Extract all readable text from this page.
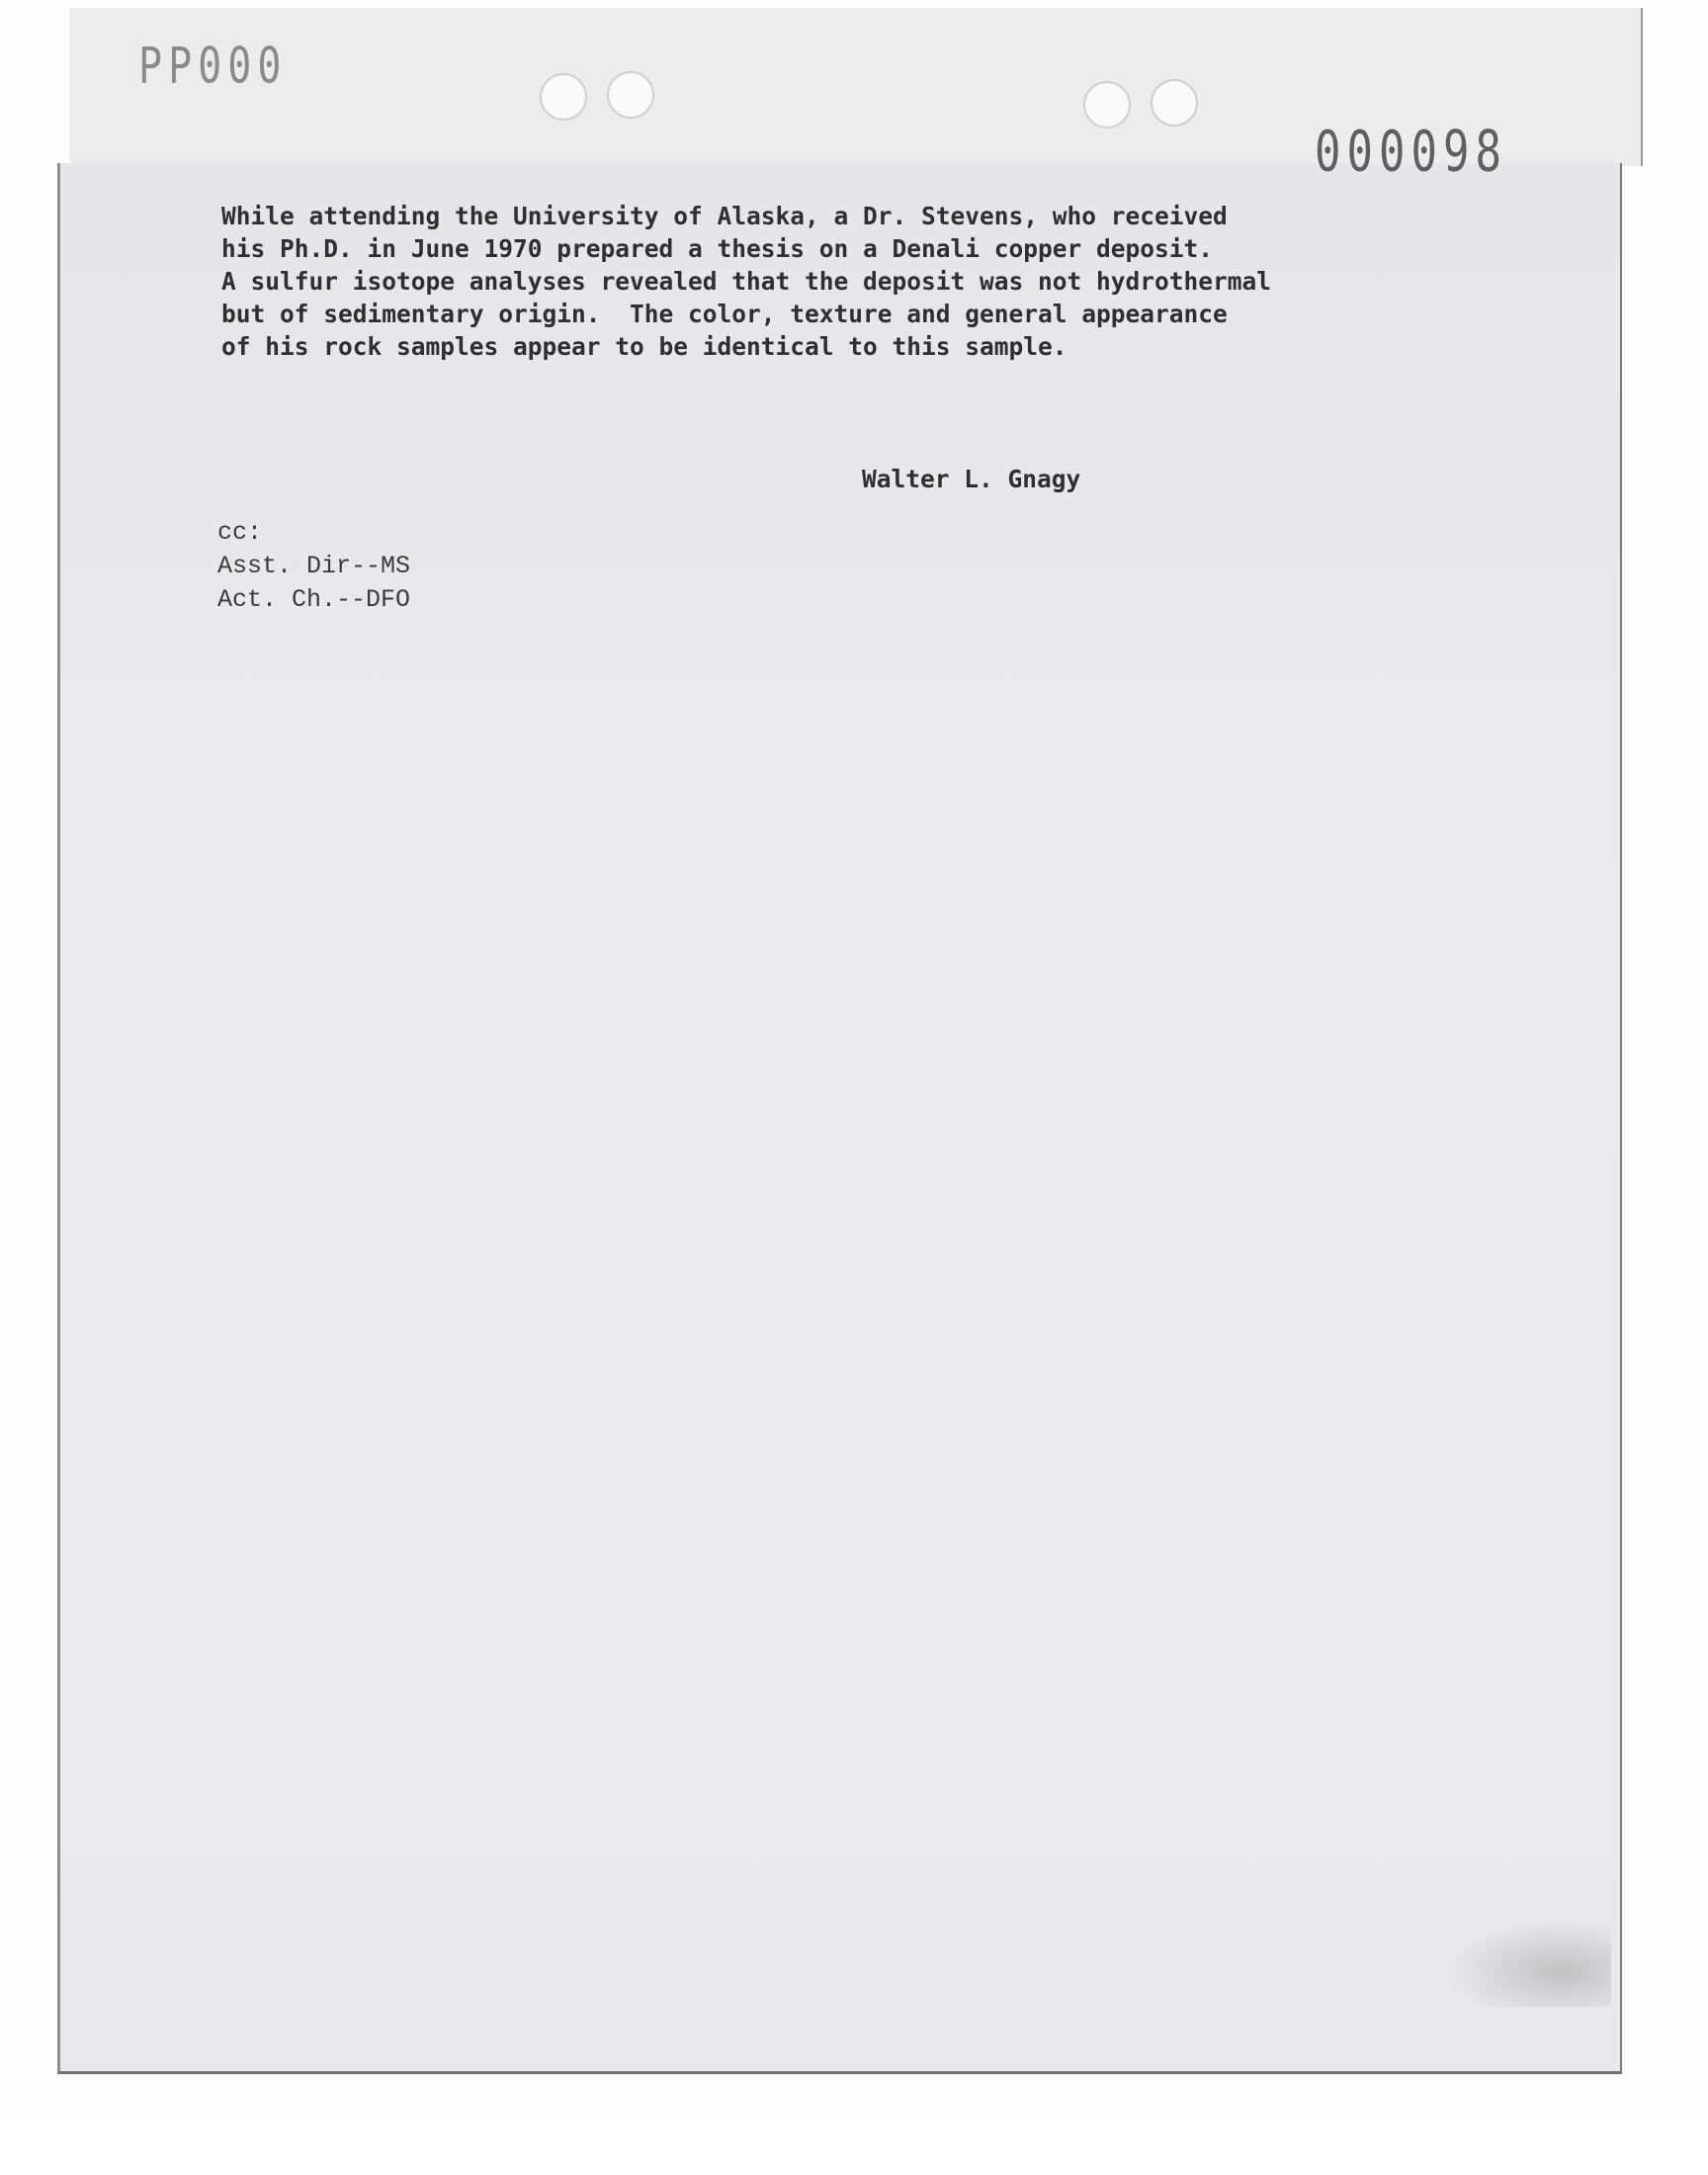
PP000
000098
While attending the University of Alaska, a Dr. Stevens, who received
his Ph.D. in June 1970 prepared a thesis on a Denali copper deposit.
A sulfur isotope analyses revealed that the deposit was not hydrothermal
but of sedimentary origin.  The color, texture and general appearance
of his rock samples appear to be identical to this sample.
Walter L. Gnagy
cc:
Asst. Dir--MS
Act. Ch.--DFO
